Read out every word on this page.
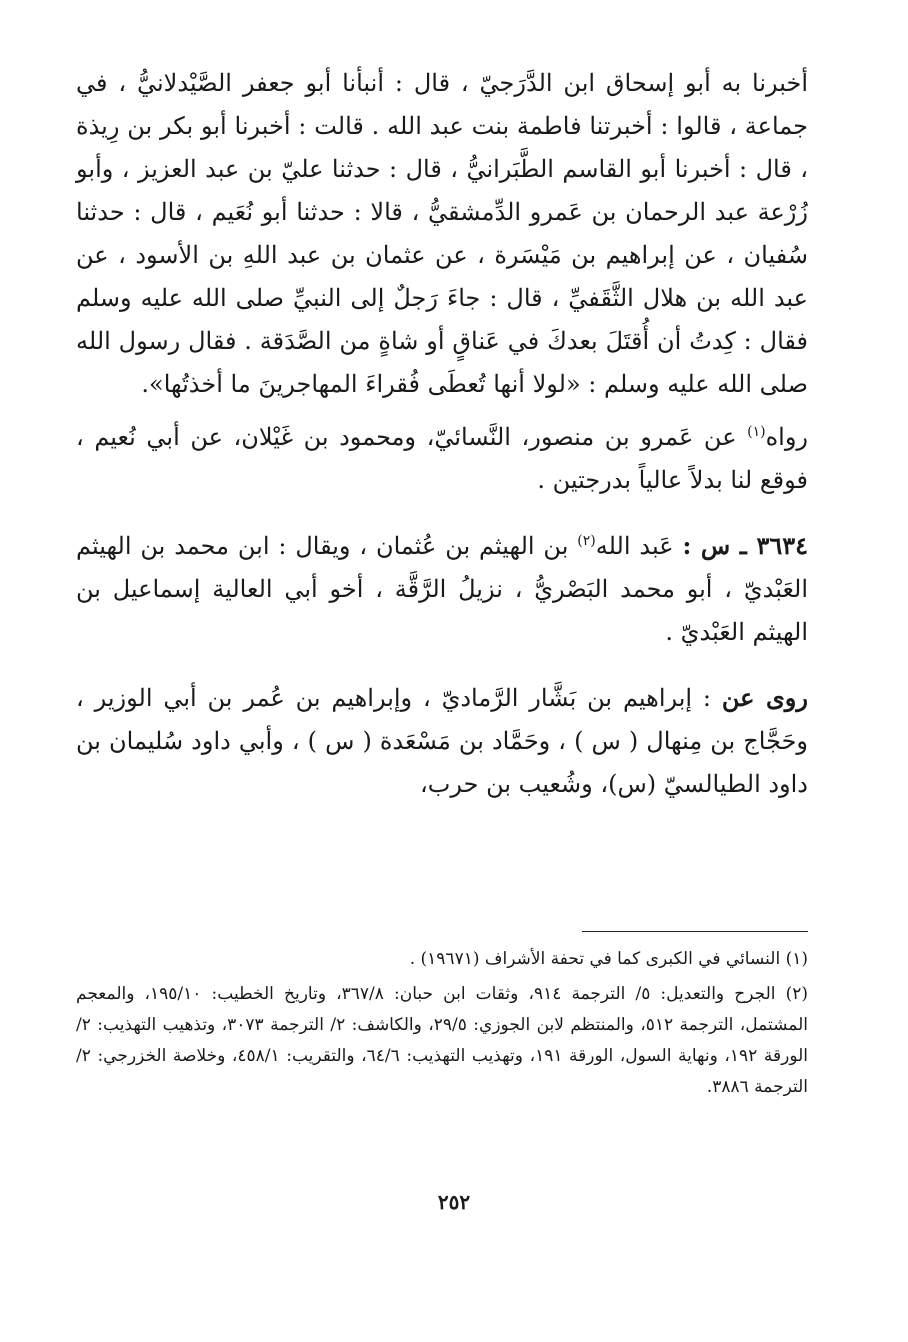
أخبرنا به أبو إسحاق ابن الدَّرَجيّ ، قال : أنبأنا أبو جعفر الصَّيْدلانيُّ ، في جماعة ، قالوا : أخبرتنا فاطمة بنت عبد الله . قالت : أخبرنا أبو بكر بن رِيذة ، قال : أخبرنا أبو القاسم الطَّبَرانيُّ ، قال : حدثنا عليّ بن عبد العزيز ، وأبو زُرْعة عبد الرحمان بن عَمرو الدِّمشقيُّ ، قالا : حدثنا أبو نُعَيم ، قال : حدثنا سُفيان ، عن إبراهيم بن مَيْسَرة ، عن عثمان بن عبد اللهِ بن الأسود ، عن عبد الله بن هلال الثَّقَفيِّ ، قال : جاءَ رَجلٌ إلى النبيِّ صلى الله عليه وسلم فقال : كِدتُ أن أُقتَلَ بعدكَ في عَناقٍ أو شاةٍ من الصَّدَقة . فقال رسول الله صلى الله عليه وسلم : «لولا أنها تُعطَى فُقراءَ المهاجرينَ ما أخذتُها».

رواه$^{(١)}$ عن عَمرو بن منصور، النَّسائيّ، ومحمود بن غَيْلان، عن أبي نُعيم ، فوقع لنا بدلاً عالياً بدرجتين .

٣٦٣٤ ـ س : عَبد الله$^{(٢)}$ بن الهيثم بن عُثمان ، ويقال : ابن محمد بن الهيثم العَبْديّ ، أبو محمد البَصْريُّ ، نزيلُ الرَّقَّة ، أخو أبي العالية إسماعيل بن الهيثم العَبْديّ .

روى عن : إبراهيم بن بَشَّار الرَّماديّ ، وإبراهيم بن عُمر بن أبي الوزير ، وحَجَّاج بن مِنهال ( س ) ، وحَمَّاد بن مَسْعَدة ( س ) ، وأبي داود سُليمان بن داود الطيالسيّ (س)، وشُعيب بن حرب،

(١) النسائي في الكبرى كما في تحفة الأشراف (١٩٦٧١) .

(٢) الجرح والتعديل: ٥/ الترجمة ٩١٤، وثقات ابن حبان: ٣٦٧/٨، وتاريخ الخطيب: ١٩٥/١٠، والمعجم المشتمل، الترجمة ٥١٢، والمنتظم لابن الجوزي: ٢٩/٥، والكاشف: ٢/ الترجمة ٣٠٧٣، وتذهيب التهذيب: ٢/ الورقة ١٩٢، ونهاية السول، الورقة ١٩١، وتهذيب التهذيب: ٦٤/٦، والتقريب: ٤٥٨/١، وخلاصة الخزرجي: ٢/ الترجمة ٣٨٨٦.

٢٥٢
